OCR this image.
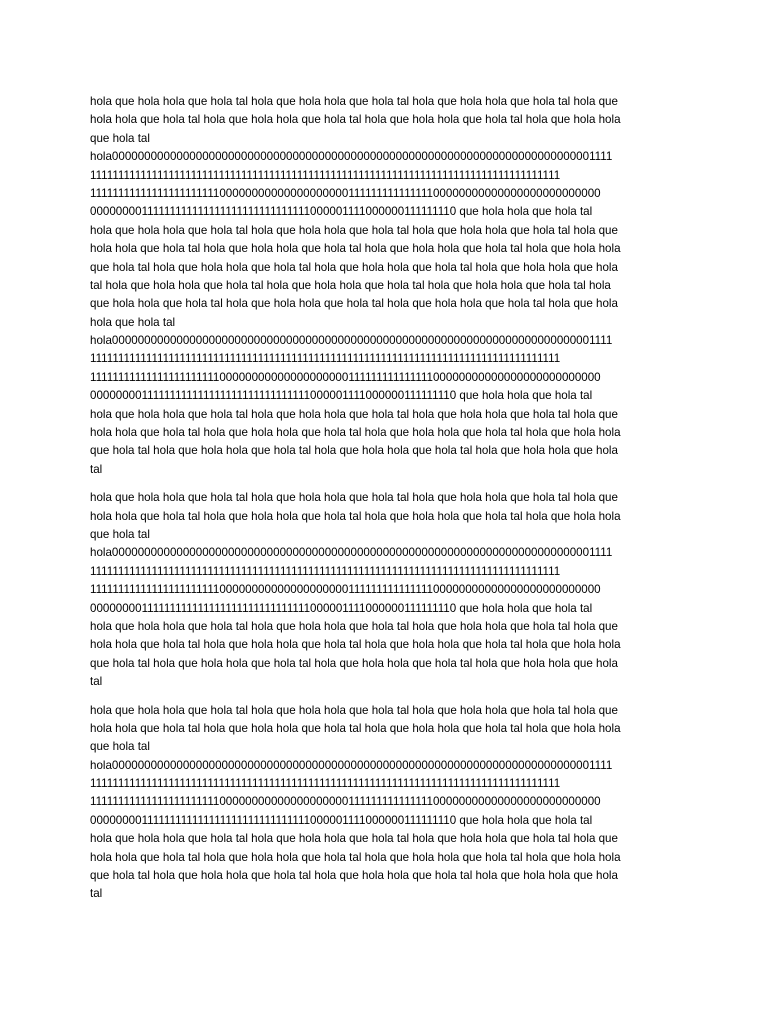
hola que hola hola que hola tal hola que hola hola que hola tal hola que hola hola que hola tal hola que
hola hola que hola tal hola que hola hola que hola tal hola que hola hola que hola tal hola que hola hola
que hola tal
hola000000000000000000000000000000000000000000000000000000000000000000000000001111
111111111111111111111111111111111111111111111111111111111111111111111111111111111111
111111111111111111111110000000000000000000011111111111111100000000000000000000000000
00000000111111111111111111111111111111000001111000000111111110 que hola hola que hola tal
hola que hola hola que hola tal hola que hola hola que hola tal hola que hola hola que hola tal hola que
hola hola que hola tal hola que hola hola que hola tal hola que hola hola que hola tal hola que hola hola
que hola tal hola que hola hola que hola tal hola que hola hola que hola tal hola que hola hola que hola
tal hola que hola hola que hola tal hola que hola hola que hola tal hola que hola hola que hola tal hola
que hola hola que hola tal hola que hola hola que hola tal hola que hola hola que hola tal hola que hola
hola que hola tal
hola000000000000000000000000000000000000000000000000000000000000000000000000001111
111111111111111111111111111111111111111111111111111111111111111111111111111111111111
111111111111111111111110000000000000000000011111111111111100000000000000000000000000
00000000111111111111111111111111111111000001111000000111111110 que hola hola que hola tal
hola que hola hola que hola tal hola que hola hola que hola tal hola que hola hola que hola tal hola que
hola hola que hola tal hola que hola hola que hola tal hola que hola hola que hola tal hola que hola hola
que hola tal hola que hola hola que hola tal hola que hola hola que hola tal hola que hola hola que hola
tal
hola que hola hola que hola tal hola que hola hola que hola tal hola que hola hola que hola tal hola que
hola hola que hola tal hola que hola hola que hola tal hola que hola hola que hola tal hola que hola hola
que hola tal
hola000000000000000000000000000000000000000000000000000000000000000000000000001111
111111111111111111111111111111111111111111111111111111111111111111111111111111111111
111111111111111111111110000000000000000000011111111111111100000000000000000000000000
00000000111111111111111111111111111111000001111000000111111110 que hola hola que hola tal
hola que hola hola que hola tal hola que hola hola que hola tal hola que hola hola que hola tal hola que
hola hola que hola tal hola que hola hola que hola tal hola que hola hola que hola tal hola que hola hola
que hola tal hola que hola hola que hola tal hola que hola hola que hola tal hola que hola hola que hola
tal
hola que hola hola que hola tal hola que hola hola que hola tal hola que hola hola que hola tal hola que
hola hola que hola tal hola que hola hola que hola tal hola que hola hola que hola tal hola que hola hola
que hola tal
hola000000000000000000000000000000000000000000000000000000000000000000000000001111
111111111111111111111111111111111111111111111111111111111111111111111111111111111111
111111111111111111111110000000000000000000011111111111111100000000000000000000000000
00000000111111111111111111111111111111000001111000000111111110 que hola hola que hola tal
hola que hola hola que hola tal hola que hola hola que hola tal hola que hola hola que hola tal hola que
hola hola que hola tal hola que hola hola que hola tal hola que hola hola que hola tal hola que hola hola
que hola tal hola que hola hola que hola tal hola que hola hola que hola tal hola que hola hola que hola
tal
